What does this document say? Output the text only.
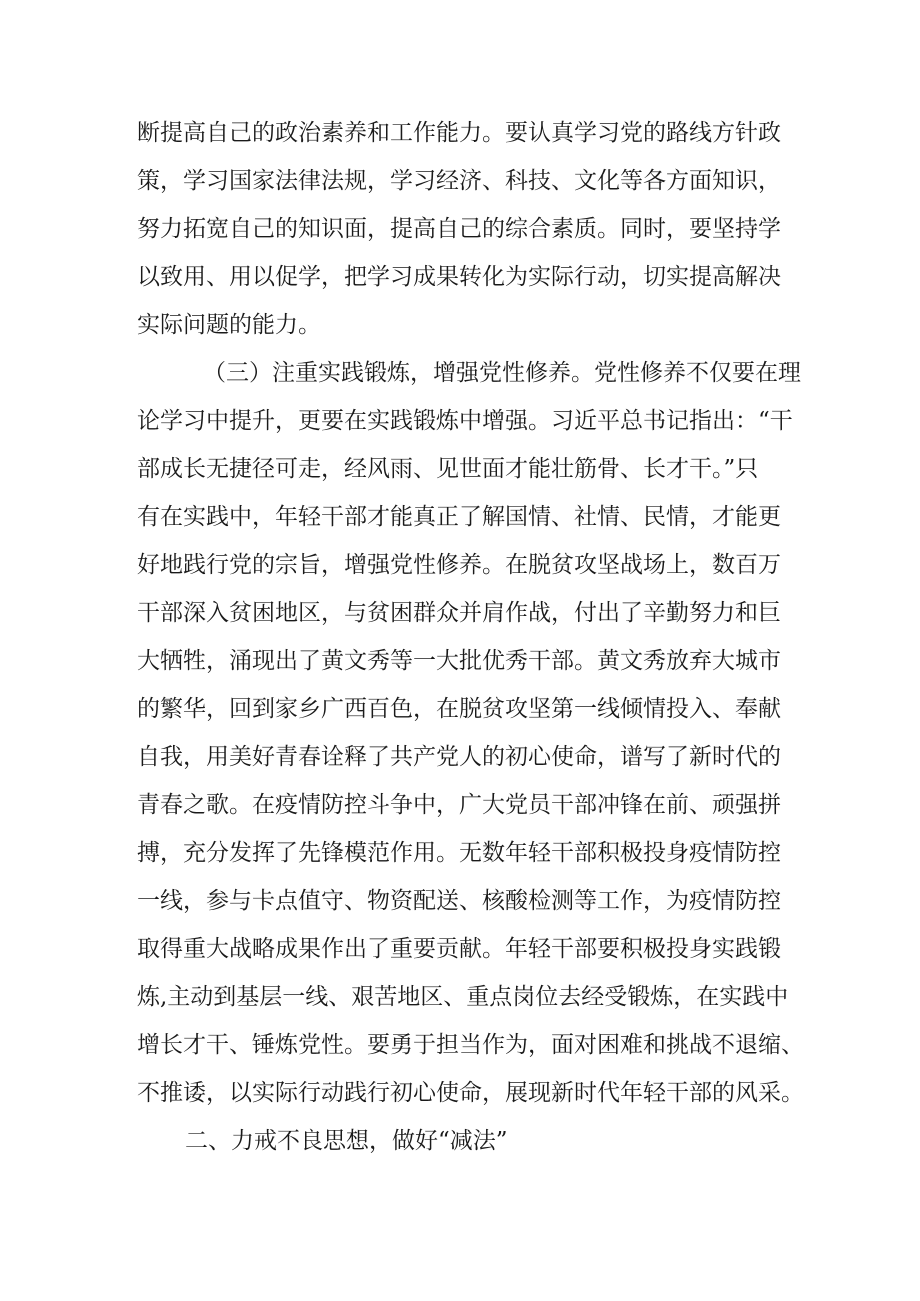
断提高自己的政治素养和工作能力。要认真学习党的路线方针政
策，学习国家法律法规，学习经济、科技、文化等各方面知识，
努力拓宽自己的知识面，提高自己的综合素质。同时，要坚持学
以致用、用以促学，把学习成果转化为实际行动，切实提高解决
实际问题的能力。
（三）注重实践锻炼，增强党性修养。党性修养不仅要在理
论学习中提升，更要在实践锻炼中增强。习近平总书记指出：“干
部成长无捷径可走，经风雨、见世面才能壮筋骨、长才干。”只
有在实践中，年轻干部才能真正了解国情、社情、民情，才能更
好地践行党的宗旨，增强党性修养。在脱贫攻坚战场上，数百万
干部深入贫困地区，与贫困群众并肩作战，付出了辛勤努力和巨
大牺牲，涌现出了黄文秀等一大批优秀干部。黄文秀放弃大城市
的繁华，回到家乡广西百色，在脱贫攻坚第一线倾情投入、奉献
自我，用美好青春诠释了共产党人的初心使命，谱写了新时代的
青春之歌。在疫情防控斗争中，广大党员干部冲锋在前、顽强拼
搏，充分发挥了先锋模范作用。无数年轻干部积极投身疫情防控
一线，参与卡点值守、物资配送、核酸检测等工作，为疫情防控
取得重大战略成果作出了重要贡献。年轻干部要积极投身实践锻
炼,主动到基层一线、艰苦地区、重点岗位去经受锻炼，在实践中
增长才干、锤炼党性。要勇于担当作为，面对困难和挑战不退缩、
不推诿，以实际行动践行初心使命，展现新时代年轻干部的风采。
二、力戒不良思想，做好“减法”
